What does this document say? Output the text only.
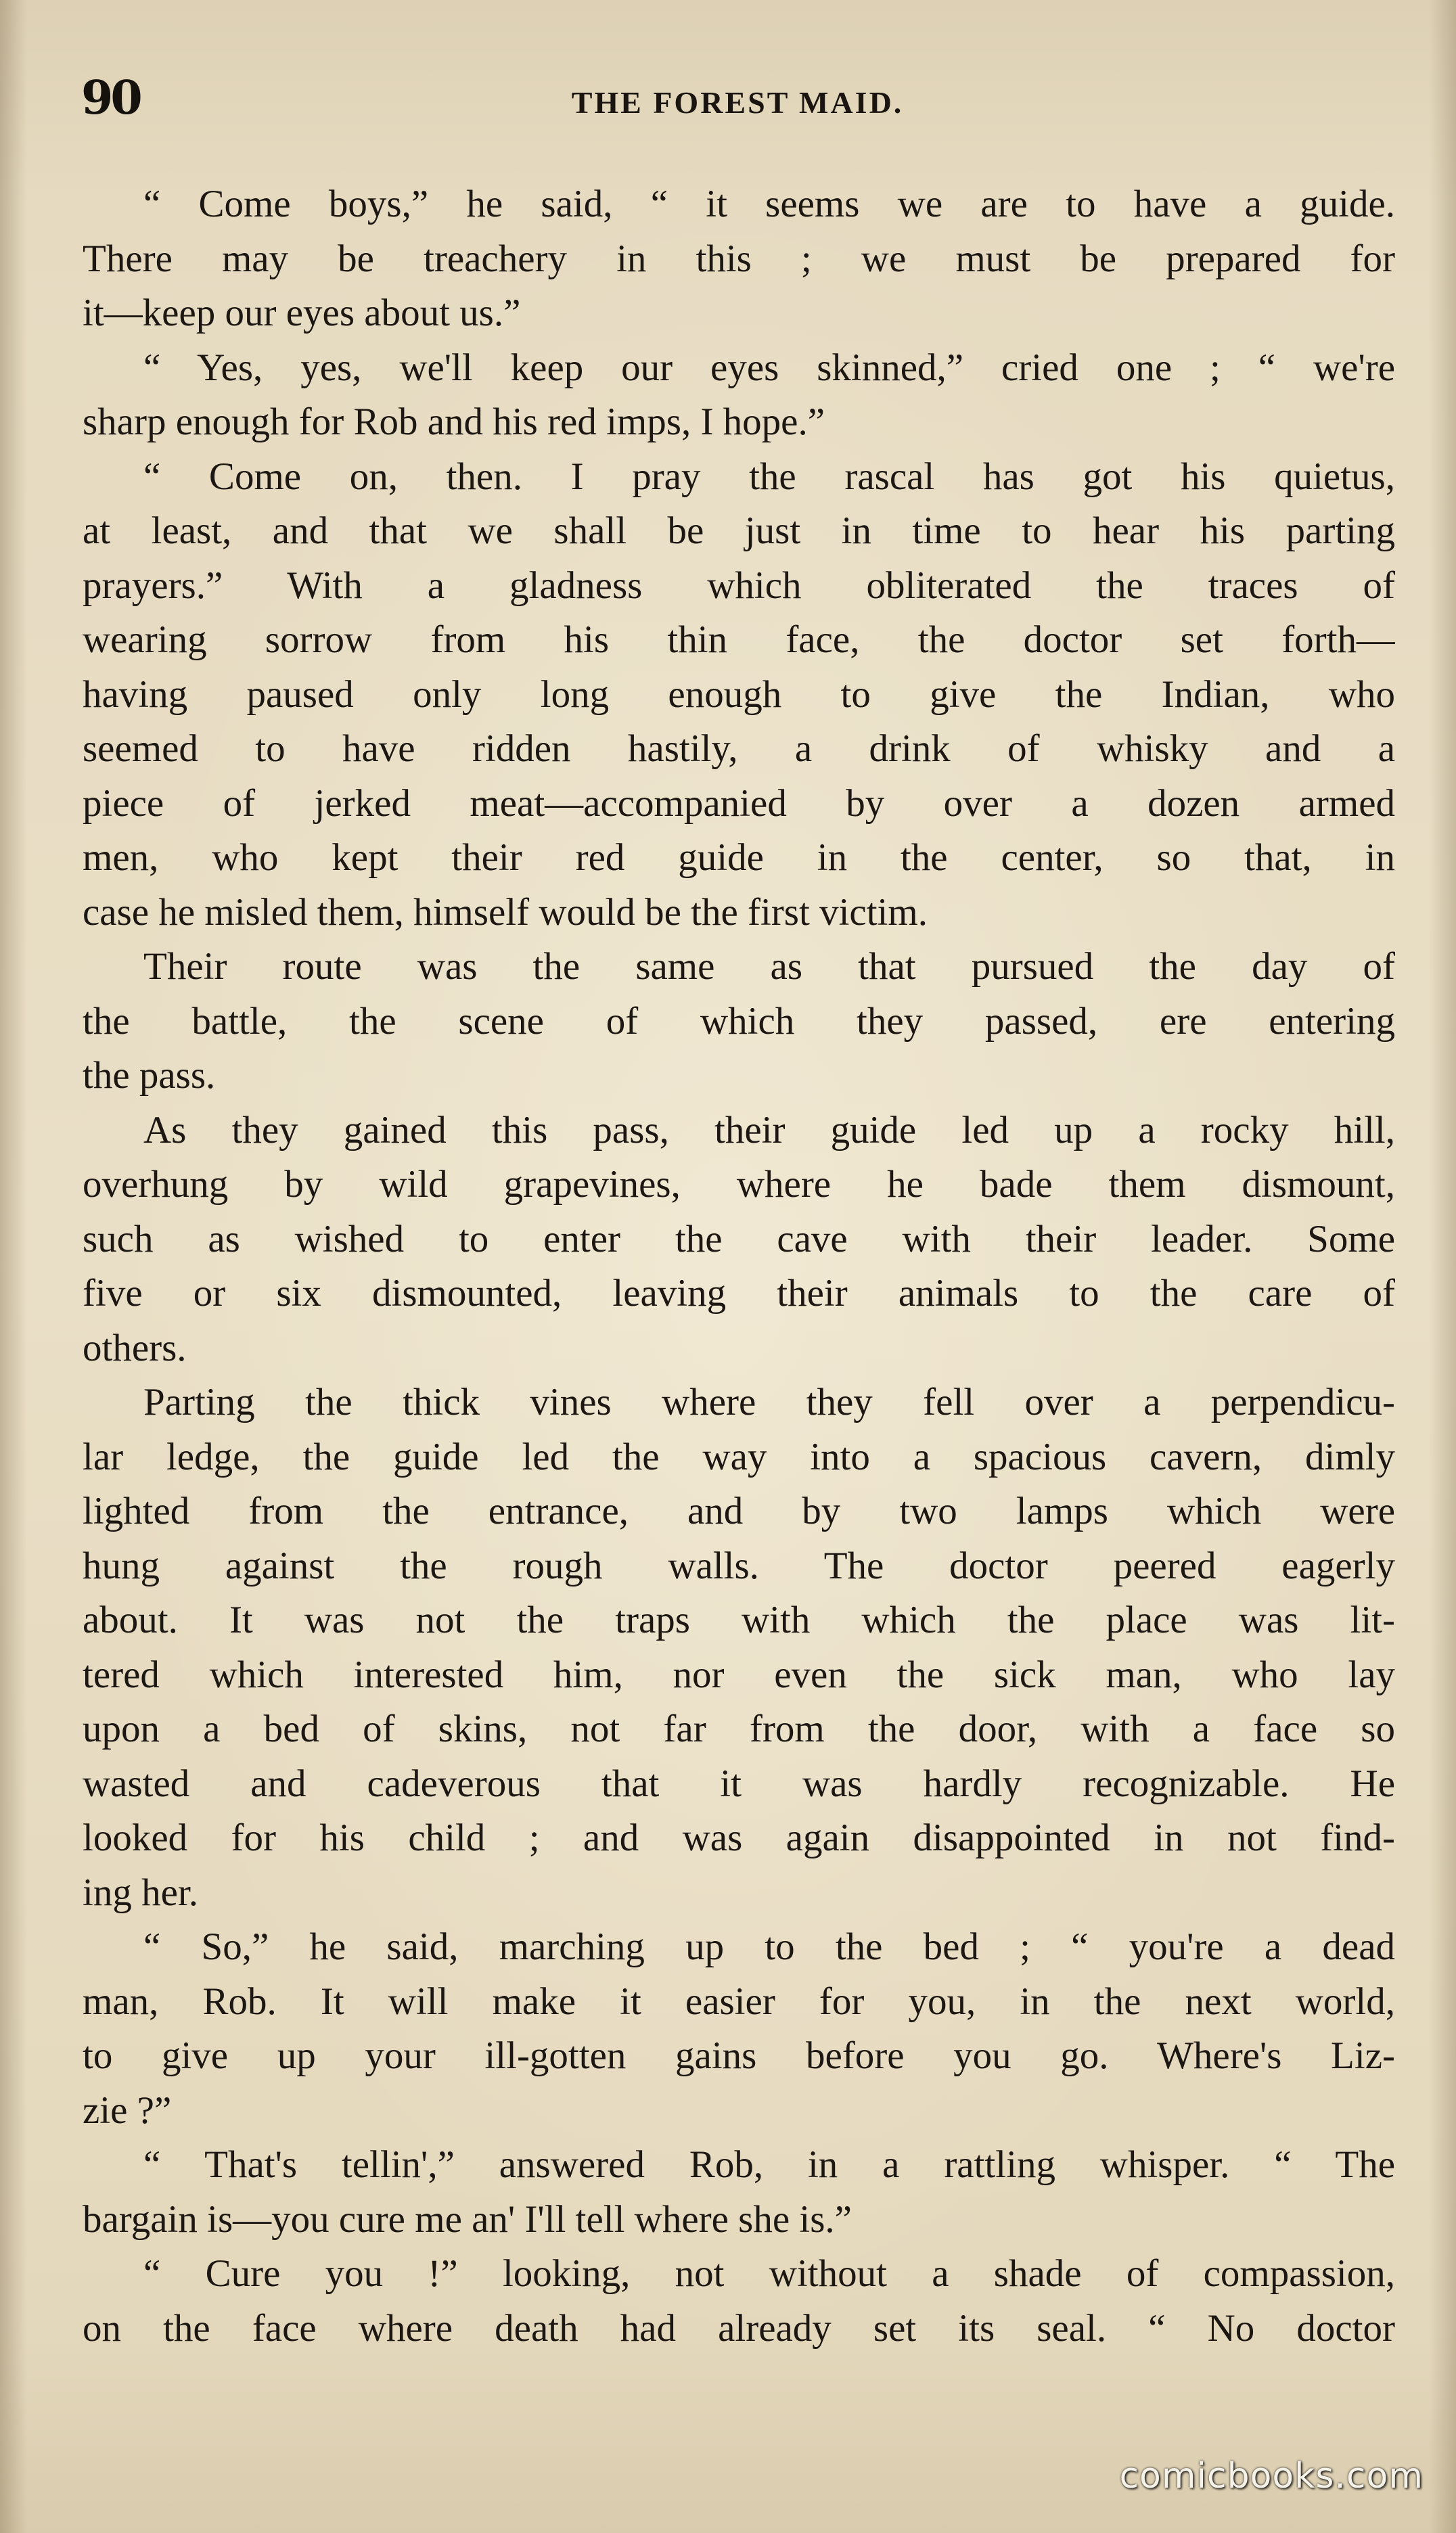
90	THE FOREST MAID.
“ Come boys,” he said, “ it seems we are to have a guide.
There may be treachery in this ; we must be prepared for
it—keep our eyes about us.”
“ Yes, yes, we'll keep our eyes skinned,” cried one ; “ we're
sharp enough for Rob and his red imps, I hope.”
“ Come on, then. I pray the rascal has got his quietus,
at least, and that we shall be just in time to hear his parting
prayers.” With a gladness which obliterated the traces of
wearing sorrow from his thin face, the doctor set forth—
having paused only long enough to give the Indian, who
seemed to have ridden hastily, a drink of whisky and a
piece of jerked meat—accompanied by over a dozen armed
men, who kept their red guide in the center, so that, in
case he misled them, himself would be the first victim.
Their route was the same as that pursued the day of
the battle, the scene of which they passed, ere entering
the pass.
As they gained this pass, their guide led up a rocky hill,
overhung by wild grapevines, where he bade them dismount,
such as wished to enter the cave with their leader. Some
five or six dismounted, leaving their animals to the care of
others.
Parting the thick vines where they fell over a perpendicu-
lar ledge, the guide led the way into a spacious cavern, dimly
lighted from the entrance, and by two lamps which were
hung against the rough walls. The doctor peered eagerly
about. It was not the traps with which the place was lit-
tered which interested him, nor even the sick man, who lay
upon a bed of skins, not far from the door, with a face so
wasted and cadeverous that it was hardly recognizable. He
looked for his child ; and was again disappointed in not find-
ing her.
“ So,” he said, marching up to the bed ; “ you're a dead
man, Rob. It will make it easier for you, in the next world,
to give up your ill-gotten gains before you go. Where's Liz-
zie ?”
“ That's tellin',” answered Rob, in a rattling whisper. “ The
bargain is—you cure me an' I'll tell where she is.”
“ Cure you !” looking, not without a shade of compassion,
on the face where death had already set its seal. “ No doctor
comicbooks.com
